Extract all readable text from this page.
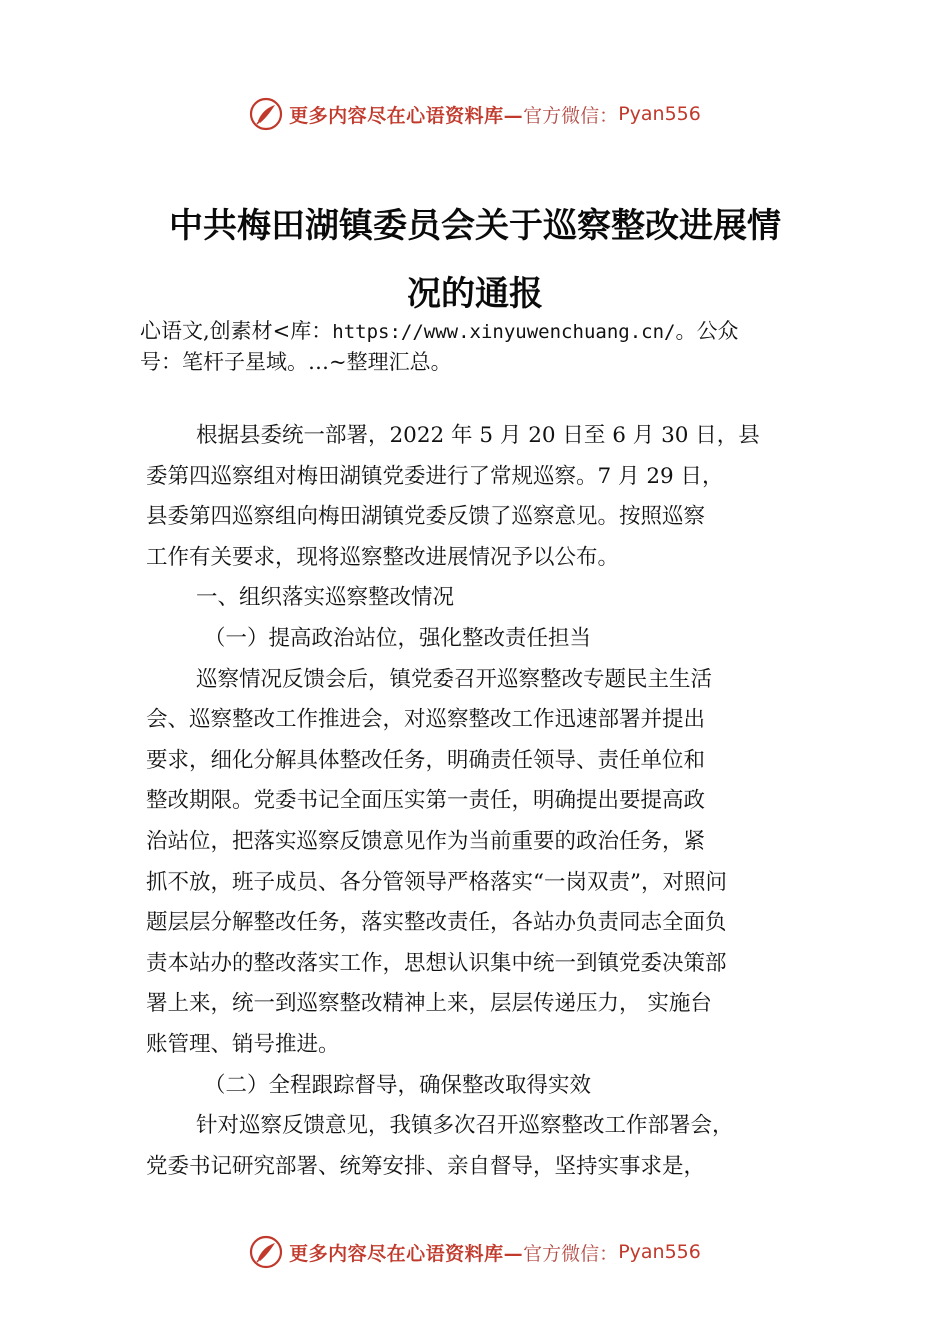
更多内容尽在心语资料库— 官方微信： Pyan556
中共梅田湖镇委员会关于巡察整改进展情
况的通报
心语文,创素材<库：https://www.xinyuwenchuang.cn/。公众
号：笔杆子星域。…~整理汇总。
根据县委统一部署，2022 年 5 月 20 日至 6 月 30 日，县
委第四巡察组对梅田湖镇党委进行了常规巡察。7 月 29 日，
县委第四巡察组向梅田湖镇党委反馈了巡察意见。按照巡察
工作有关要求，现将巡察整改进展情况予以公布。
一、组织落实巡察整改情况
（一）提高政治站位，强化整改责任担当
巡察情况反馈会后，镇党委召开巡察整改专题民主生活
会、巡察整改工作推进会，对巡察整改工作迅速部署并提出
要求，细化分解具体整改任务，明确责任领导、责任单位和
整改期限。党委书记全面压实第一责任，明确提出要提高政
治站位，把落实巡察反馈意见作为当前重要的政治任务，紧
抓不放，班子成员、各分管领导严格落实“一岗双责”，对照问
题层层分解整改任务，落实整改责任，各站办负责同志全面负
责本站办的整改落实工作，思想认识集中统一到镇党委决策部
署上来，统一到巡察整改精神上来，层层传递压力， 实施台
账管理、销号推进。
（二）全程跟踪督导，确保整改取得实效
针对巡察反馈意见，我镇多次召开巡察整改工作部署会，
党委书记研究部署、统筹安排、亲自督导，坚持实事求是，
更多内容尽在心语资料库— 官方微信： Pyan556
